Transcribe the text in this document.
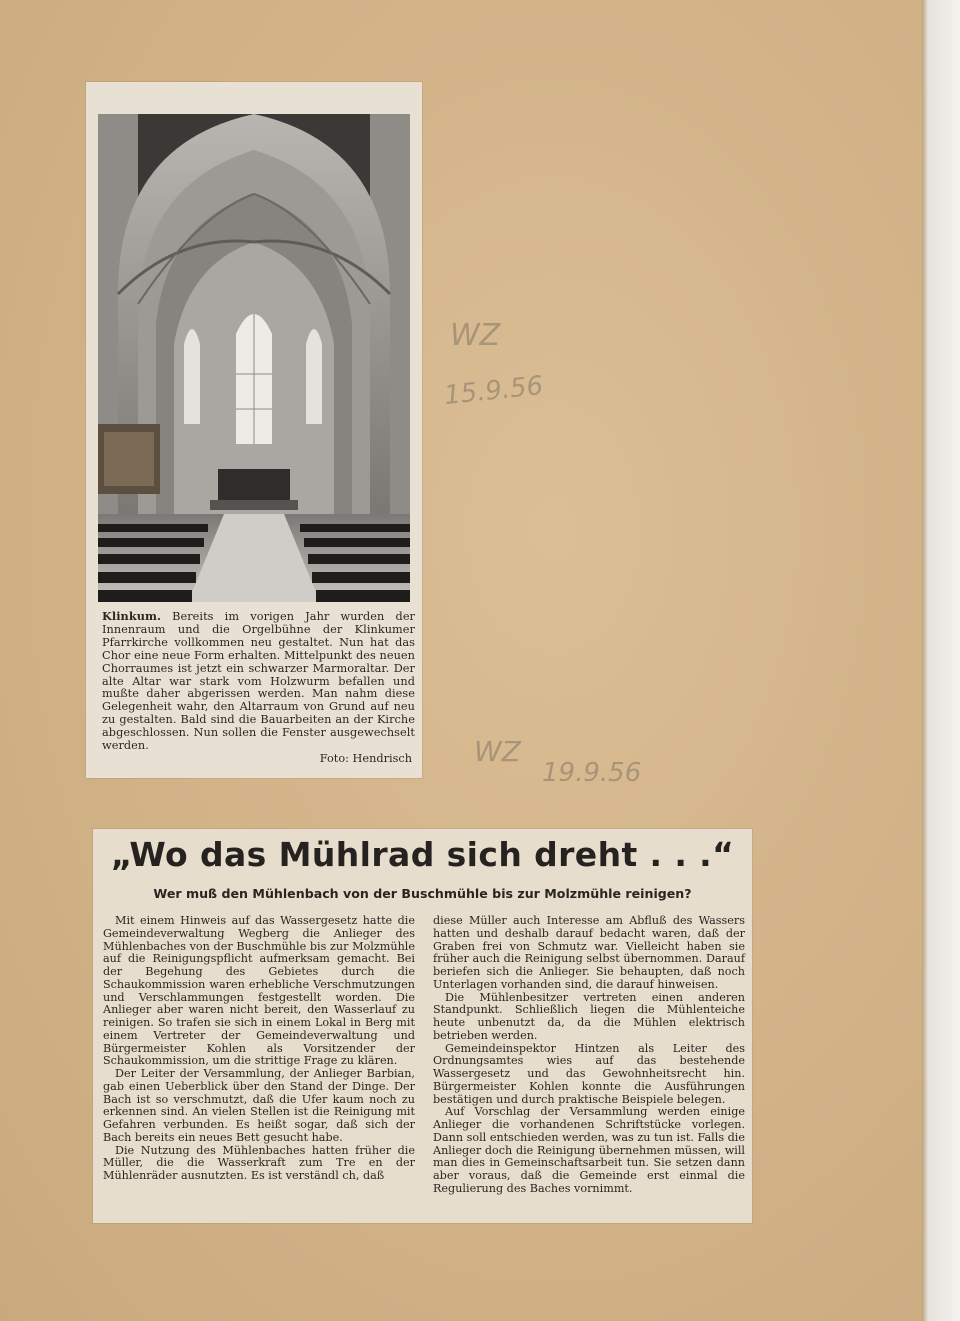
Klinkum. Bereits im vorigen Jahr wurden der Innenraum und die Orgelbühne der Klinkumer Pfarrkirche vollkommen neu gestaltet. Nun hat das Chor eine neue Form erhalten. Mittelpunkt des neuen Chorraumes ist jetzt ein schwarzer Marmoraltar. Der alte Altar war stark vom Holzwurm befallen und mußte daher abgerissen werden. Man nahm diese Gelegenheit wahr, den Altarraum von Grund auf neu zu gestalten. Bald sind die Bauarbeiten an der Kirche abgeschlossen. Nun sollen die Fenster ausgewechselt werden.
Foto: Hendrisch
WZ
15.9.56
WZ
19.9.56
„Wo das Mühlrad sich dreht . . .“
Wer muß den Mühlenbach von der Buschmühle bis zur Molzmühle reinigen?

Mit einem Hinweis auf das Wassergesetz hatte die Gemeindeverwaltung Wegberg die Anlieger des Mühlenbaches von der Buschmühle bis zur Molzmühle auf die Reinigungspflicht aufmerksam gemacht. Bei der Begehung des Gebietes durch die Schaukommission waren erhebliche Verschmutzungen und Verschlammungen festgestellt worden. Die Anlieger aber waren nicht bereit, den Wasserlauf zu reinigen. So trafen sie sich in einem Lokal in Berg mit einem Vertreter der Gemeindeverwaltung und Bürgermeister Kohlen als Vorsitzender der Schaukommission, um die strittige Frage zu klären.

Der Leiter der Versammlung, der Anlieger Barbian, gab einen Ueberblick über den Stand der Dinge. Der Bach ist so verschmutzt, daß die Ufer kaum noch zu erkennen sind. An vielen Stellen ist die Reinigung mit Gefahren verbunden. Es heißt sogar, daß sich der Bach bereits ein neues Bett gesucht habe.

Die Nutzung des Mühlenbaches hatten früher die Müller, die die Wasserkraft zum Tre en der Mühlenräder ausnutzten. Es ist verständl ch, daß

diese Müller auch Interesse am Abfluß des Wassers hatten und deshalb darauf bedacht waren, daß der Graben frei von Schmutz war. Vielleicht haben sie früher auch die Reinigung selbst übernommen. Darauf beriefen sich die Anlieger. Sie behaupten, daß noch Unterlagen vorhanden sind, die darauf hinweisen.

Die Mühlenbesitzer vertreten einen anderen Standpunkt. Schließlich liegen die Mühlenteiche heute unbenutzt da, da die Mühlen elektrisch betrieben werden.

Gemeindeinspektor Hintzen als Leiter des Ordnungsamtes wies auf das bestehende Wassergesetz und das Gewohnheitsrecht hin. Bürgermeister Kohlen konnte die Ausführungen bestätigen und durch praktische Beispiele belegen.

Auf Vorschlag der Versammlung werden einige Anlieger die vorhandenen Schriftstücke vorlegen. Dann soll entschieden werden, was zu tun ist. Falls die Anlieger doch die Reinigung übernehmen müssen, will man dies in Gemeinschaftsarbeit tun. Sie setzen dann aber voraus, daß die Gemeinde erst einmal die Regulierung des Baches vornimmt.
